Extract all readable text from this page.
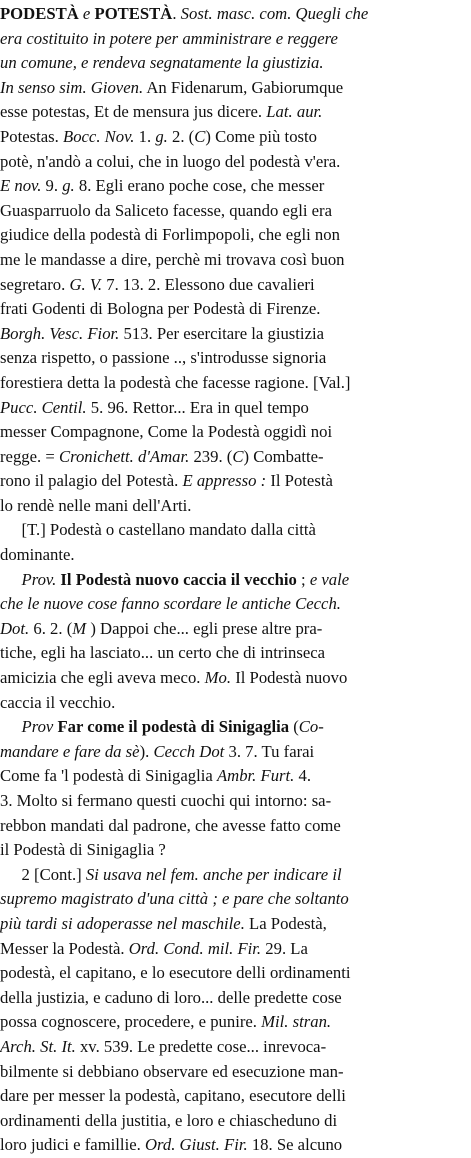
PODESTÀ e POTESTÀ. Sost. masc. com. Quegli che
era costituito in potere per amministrare e reggere
un comune, e rendeva segnatamente la giustizia.
In senso sim. Gioven. An Fidenarum, Gabiorumque
esse potestas, Et de mensura jus dicere. Lat. aur.
Potestas. Bocc. Nov. 1. g. 2. (C) Come più tosto
potè, n'andò a colui, che in luogo del podestà v'era.
E nov. 9. g. 8. Egli erano poche cose, che messer
Guasparruolo da Saliceto facesse, quando egli era
giudice della podestà di Forlimpopoli, che egli non
me le mandasse a dire, perchè mi trovava così buon
segretaro. G. V. 7. 13. 2. Elessono due cavalieri
frati Godenti di Bologna per Podestà di Firenze.
Borgh. Vesc. Fior. 513. Per esercitare la giustizia
senza rispetto, o passione .., s'introdusse signoria
forestiera detta la podestà che facesse ragione. [Val.]
Pucc. Centil. 5. 96. Rettor... Era in quel tempo
messer Compagnone, Come la Podestà oggidì noi
regge. = Cronichett. d'Amar. 239. (C) Combatte-
rono il palagio del Potestà. E appresso : Il Potestà
lo rendè nelle mani dell'Arti.
[T.] Podestà o castellano mandato dalla città
dominante.
Prov. Il Podestà nuovo caccia il vecchio ; e vale
che le nuove cose fanno scordare le antiche Cecch.
Dot. 6. 2. (M ) Dappoi che... egli prese altre pra-
tiche, egli ha lasciato... un certo che di intrinseca
amicizia che egli aveva meco. Mo. Il Podestà nuovo
caccia il vecchio.
Prov Far come il podestà di Sinigaglia (Co-
mandare e fare da sè). Cecch Dot 3. 7. Tu farai
Come fa 'l podestà di Sinigaglia Ambr. Furt. 4.
3. Molto si fermano questi cuochi qui intorno: sa-
rebbon mandati dal padrone, che avesse fatto come
il Podestà di Sinigaglia ?
2 [Cont.] Si usava nel fem. anche per indicare il
supremo magistrato d'una città ; e pare che soltanto
più tardi si adoperasse nel maschile. La Podestà,
Messer la Podestà. Ord. Cond. mil. Fir. 29. La
podestà, el capitano, e lo esecutore delli ordinamenti
della justizia, e caduno di loro... delle predette cose
possa cognoscere, procedere, e punire. Mil. stran.
Arch. St. It. xv. 539. Le predette cose... inrevoca-
bilmente si debbiano observare ed esecuzione man-
dare per messer la podestà, capitano, esecutore delli
ordinamenti della justitia, e loro e chiascheduno di
loro judici e famillie. Ord. Giust. Fir. 18. Se alcuno
